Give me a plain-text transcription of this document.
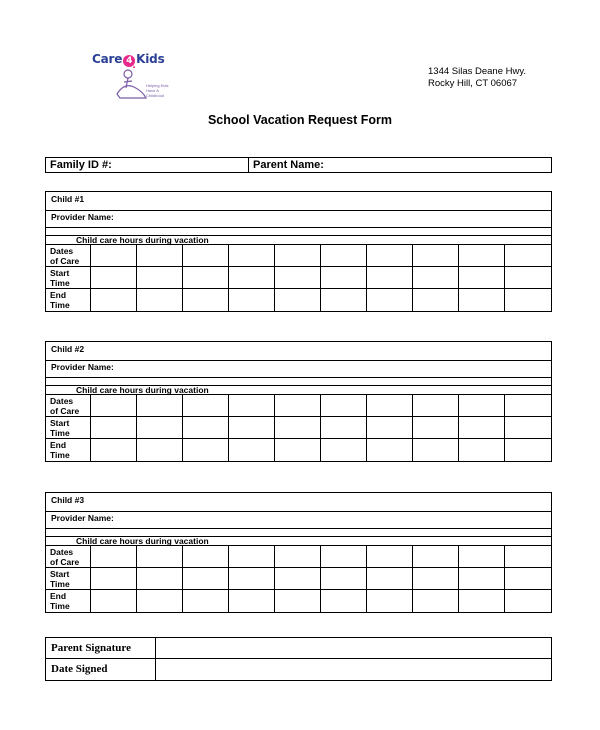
Care 4 Kids
Helping Kids Have A Childhood
1344 Silas Deane Hwy.
Rocky Hill, CT 06067
School Vacation Request Form
Family ID #:	Parent Name:
Child #1
Provider Name:
Child care hours during vacation
Dates
of Care
Start
Time
End
Time
Child #2
Provider Name:
Child care hours during vacation
Dates
of Care
Start
Time
End
Time
Child #3
Provider Name:
Child care hours during vacation
Dates
of Care
Start
Time
End
Time
Parent Signature
Date Signed
